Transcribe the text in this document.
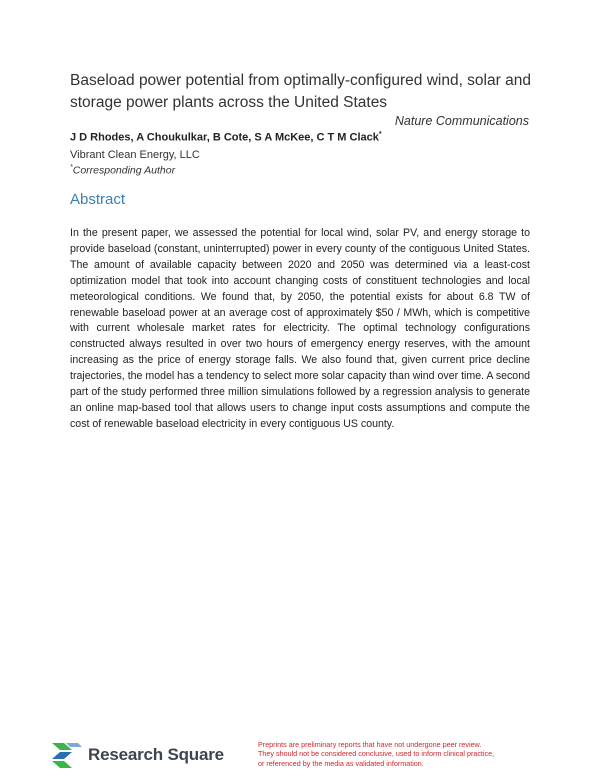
Baseload power potential from optimally-configured wind, solar and storage power plants across the United States
Nature Communications
J D Rhodes, A Choukulkar, B Cote, S A McKee, C T M Clack*
Vibrant Clean Energy, LLC
*Corresponding Author
Abstract

In the present paper, we assessed the potential for local wind, solar PV, and energy storage to provide baseload (constant, uninterrupted) power in every county of the contiguous United States. The amount of available capacity between 2020 and 2050 was determined via a least-cost optimization model that took into account changing costs of constituent technologies and local meteorological conditions. We found that, by 2050, the potential exists for about 6.8 TW of renewable baseload power at an average cost of approximately $50 / MWh, which is competitive with current wholesale market rates for electricity. The optimal technology configurations constructed always resulted in over two hours of emergency energy reserves, with the amount increasing as the price of energy storage falls. We also found that, given current price decline trajectories, the model has a tendency to select more solar capacity than wind over time. A second part of the study performed three million simulations followed by a regression analysis to generate an online map-based tool that allows users to change input costs assumptions and compute the cost of renewable baseload electricity in every contiguous US county.

Research Square
Preprints are preliminary reports that have not undergone peer review.
They should not be considered conclusive, used to inform clinical practice,
or referenced by the media as validated information.
